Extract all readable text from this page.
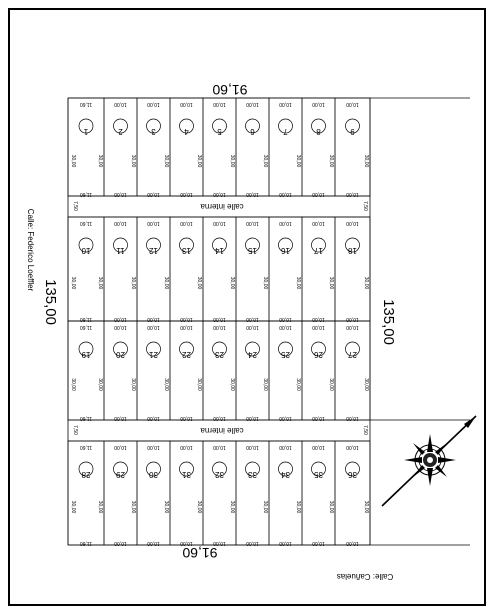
1
11,60
11,60
30,00
30,00
2
10,00
10,00
30,00
3
10,00
10,00
30,00
4
10,00
10,00
30,00
5
10,00
10,00
30,00
6
10,00
10,00
30,00
7
10,00
10,00
30,00
8
10,00
10,00
30,00
9
10,00
10,00
30,00
10
11,60
11,60
30,00
30,00
11
10,00
10,00
30,00
12
10,00
10,00
30,00
13
10,00
10,00
30,00
14
10,00
10,00
30,00
15
10,00
10,00
30,00
16
10,00
10,00
30,00
17
10,00
10,00
30,00
18
10,00
10,00
30,00
19
11,60
11,60
30,00
30,00
20
10,00
10,00
30,00
21
10,00
10,00
30,00
22
10,00
10,00
30,00
23
10,00
10,00
30,00
24
10,00
10,00
30,00
25
10,00
10,00
30,00
26
10,00
10,00
30,00
27
10,00
10,00
30,00
28
11,60
11,60
30,00
30,00
29
10,00
10,00
30,00
30
10,00
10,00
30,00
31
10,00
10,00
30,00
32
10,00
10,00
30,00
33
10,00
10,00
30,00
34
10,00
10,00
30,00
35
10,00
10,00
30,00
36
10,00
10,00
30,00
91,60
91,60
135,00	135,00
Calle: Federico Loeffler
Calle: Cañuelas
calle interna
calle interna
7,50	7,50
7,50	7,50
